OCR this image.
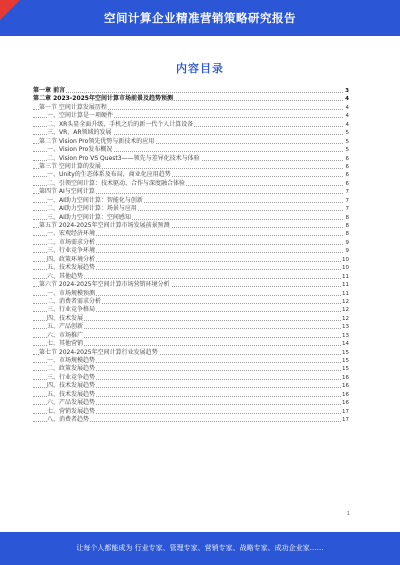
空间计算企业精准营销策略研究报告
内容目录
第一章 前言	3
第二章 2023-2025年空间计算市场前景及趋势预测	4
第一节 空间计算发展历程	4
一、空间计算是一项硬件	4
二、XR头显全面升级，手机之后的新一代个人计算设备	4
三、VR、AR领域的发展	5
第二节 Vision Pro领先优势与新技术的应用	5
一、Vision Pro发布概况	5
二、Vision Pro VS Quest3——领先与差异化技术与体验	6
第三节 空间计算的发展	6
一、Unity的生态体系及布局，商业化应用趋势	6
二、引领空间计算：技术驱动、合作与深度融合体验	6
第四节 AI与空间计算	7
一、AI助力空间计算：智能化与创新	7
二、AI助力空间计算：场景与应用	7
三、AI助力空间计算：空间感知	8
第五节 2024-2025年空间计算市场发展前景预测	8
一、宏观经济环境	8
二、市场需求分析	9
三、行业竞争环境	9
四、政策环境分析	10
五、技术发展趋势	10
六、其他趋势	11
第六节 2024-2025年空间计算市场营销环境分析	11
一、市场规模预测	11
二、消费者需求分析	12
三、行业竞争格局	12
四、技术发展	12
五、产品创新	13
六、市场推广	13
七、其他营销	14
第七节 2024-2025年空间计算行业发展趋势	15
一、市场规模趋势	15
二、政策发展趋势	15
三、行业竞争趋势	16
四、技术发展趋势	16
五、技术发展趋势	16
六、产品发展趋势	16
七、营销发展趋势	17
八、消费者趋势	17
1
让每个人都能成为 行业专家、管理专家、营销专家、战略专家、成功企业家……
